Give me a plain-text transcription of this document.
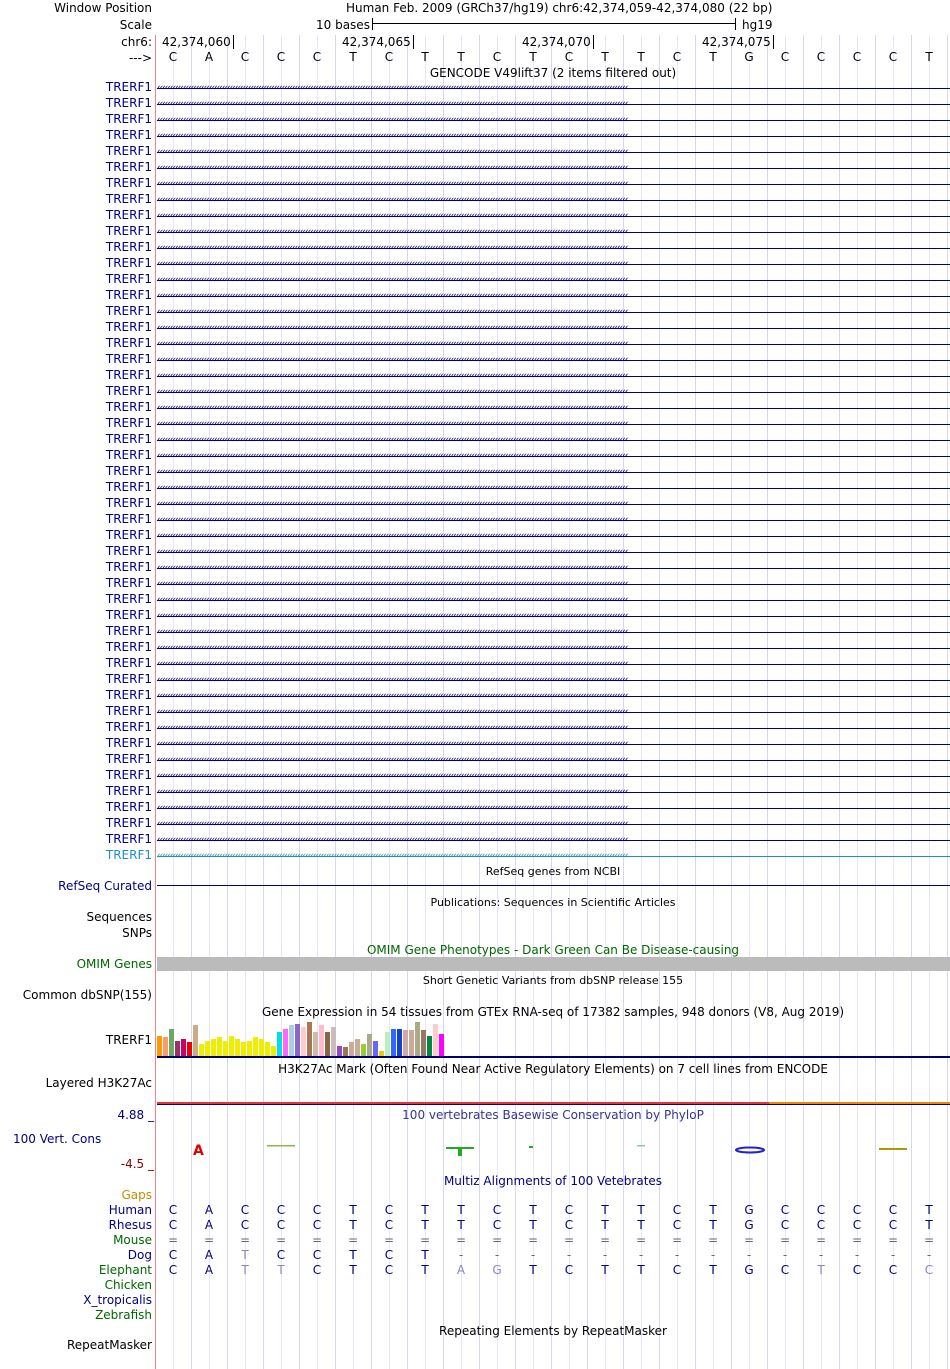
Window Position	Human Feb. 2009 (GRCh37/hg19) chr6:42,374,059-42,374,080 (22 bp)
Scale	10 bases	hg19
chr6: 42,374,060	42,374,065	42,374,070	42,374,075
---> C A C C C T C T T C T C T T C T G C C C C T
GENCODE V49lift37 (2 items filtered out)
TRERF1 ‹‹‹‹‹‹‹‹‹‹‹‹‹‹‹‹‹‹‹‹‹‹‹‹‹‹‹‹‹‹‹‹‹‹‹‹‹‹‹‹‹‹‹‹‹‹‹‹‹‹‹‹‹‹‹‹‹‹‹‹‹‹‹‹‹‹‹‹‹‹‹‹‹‹‹‹‹‹‹‹‹‹‹‹‹‹‹‹‹‹‹‹‹‹‹‹‹‹‹‹‹‹‹‹‹‹‹‹‹‹‹‹‹‹‹‹‹‹‹‹‹‹‹‹‹‹‹‹‹‹‹‹‹‹‹‹‹‹‹‹‹‹‹‹‹‹‹‹‹‹‹‹‹‹‹‹‹‹‹‹‹‹‹‹‹‹‹‹‹‹‹‹‹‹‹‹‹‹‹‹‹
TRERF1 ‹‹‹‹‹‹‹‹‹‹‹‹‹‹‹‹‹‹‹‹‹‹‹‹‹‹‹‹‹‹‹‹‹‹‹‹‹‹‹‹‹‹‹‹‹‹‹‹‹‹‹‹‹‹‹‹‹‹‹‹‹‹‹‹‹‹‹‹‹‹‹‹‹‹‹‹‹‹‹‹‹‹‹‹‹‹‹‹‹‹‹‹‹‹‹‹‹‹‹‹‹‹‹‹‹‹‹‹‹‹‹‹‹‹‹‹‹‹‹‹‹‹‹‹‹‹‹‹‹‹‹‹‹‹‹‹‹‹‹‹‹‹‹‹‹‹‹‹‹‹‹‹‹‹‹‹‹‹‹‹‹‹‹‹‹‹‹‹‹‹‹‹‹‹‹‹‹‹‹‹‹
TRERF1 ‹‹‹‹‹‹‹‹‹‹‹‹‹‹‹‹‹‹‹‹‹‹‹‹‹‹‹‹‹‹‹‹‹‹‹‹‹‹‹‹‹‹‹‹‹‹‹‹‹‹‹‹‹‹‹‹‹‹‹‹‹‹‹‹‹‹‹‹‹‹‹‹‹‹‹‹‹‹‹‹‹‹‹‹‹‹‹‹‹‹‹‹‹‹‹‹‹‹‹‹‹‹‹‹‹‹‹‹‹‹‹‹‹‹‹‹‹‹‹‹‹‹‹‹‹‹‹‹‹‹‹‹‹‹‹‹‹‹‹‹‹‹‹‹‹‹‹‹‹‹‹‹‹‹‹‹‹‹‹‹‹‹‹‹‹‹‹‹‹‹‹‹‹‹‹‹‹‹‹‹‹
TRERF1 ‹‹‹‹‹‹‹‹‹‹‹‹‹‹‹‹‹‹‹‹‹‹‹‹‹‹‹‹‹‹‹‹‹‹‹‹‹‹‹‹‹‹‹‹‹‹‹‹‹‹‹‹‹‹‹‹‹‹‹‹‹‹‹‹‹‹‹‹‹‹‹‹‹‹‹‹‹‹‹‹‹‹‹‹‹‹‹‹‹‹‹‹‹‹‹‹‹‹‹‹‹‹‹‹‹‹‹‹‹‹‹‹‹‹‹‹‹‹‹‹‹‹‹‹‹‹‹‹‹‹‹‹‹‹‹‹‹‹‹‹‹‹‹‹‹‹‹‹‹‹‹‹‹‹‹‹‹‹‹‹‹‹‹‹‹‹‹‹‹‹‹‹‹‹‹‹‹‹‹‹‹
TRERF1 ‹‹‹‹‹‹‹‹‹‹‹‹‹‹‹‹‹‹‹‹‹‹‹‹‹‹‹‹‹‹‹‹‹‹‹‹‹‹‹‹‹‹‹‹‹‹‹‹‹‹‹‹‹‹‹‹‹‹‹‹‹‹‹‹‹‹‹‹‹‹‹‹‹‹‹‹‹‹‹‹‹‹‹‹‹‹‹‹‹‹‹‹‹‹‹‹‹‹‹‹‹‹‹‹‹‹‹‹‹‹‹‹‹‹‹‹‹‹‹‹‹‹‹‹‹‹‹‹‹‹‹‹‹‹‹‹‹‹‹‹‹‹‹‹‹‹‹‹‹‹‹‹‹‹‹‹‹‹‹‹‹‹‹‹‹‹‹‹‹‹‹‹‹‹‹‹‹‹‹‹‹
TRERF1 ‹‹‹‹‹‹‹‹‹‹‹‹‹‹‹‹‹‹‹‹‹‹‹‹‹‹‹‹‹‹‹‹‹‹‹‹‹‹‹‹‹‹‹‹‹‹‹‹‹‹‹‹‹‹‹‹‹‹‹‹‹‹‹‹‹‹‹‹‹‹‹‹‹‹‹‹‹‹‹‹‹‹‹‹‹‹‹‹‹‹‹‹‹‹‹‹‹‹‹‹‹‹‹‹‹‹‹‹‹‹‹‹‹‹‹‹‹‹‹‹‹‹‹‹‹‹‹‹‹‹‹‹‹‹‹‹‹‹‹‹‹‹‹‹‹‹‹‹‹‹‹‹‹‹‹‹‹‹‹‹‹‹‹‹‹‹‹‹‹‹‹‹‹‹‹‹‹‹‹‹‹
TRERF1 ‹‹‹‹‹‹‹‹‹‹‹‹‹‹‹‹‹‹‹‹‹‹‹‹‹‹‹‹‹‹‹‹‹‹‹‹‹‹‹‹‹‹‹‹‹‹‹‹‹‹‹‹‹‹‹‹‹‹‹‹‹‹‹‹‹‹‹‹‹‹‹‹‹‹‹‹‹‹‹‹‹‹‹‹‹‹‹‹‹‹‹‹‹‹‹‹‹‹‹‹‹‹‹‹‹‹‹‹‹‹‹‹‹‹‹‹‹‹‹‹‹‹‹‹‹‹‹‹‹‹‹‹‹‹‹‹‹‹‹‹‹‹‹‹‹‹‹‹‹‹‹‹‹‹‹‹‹‹‹‹‹‹‹‹‹‹‹‹‹‹‹‹‹‹‹‹‹‹‹‹‹
TRERF1 ‹‹‹‹‹‹‹‹‹‹‹‹‹‹‹‹‹‹‹‹‹‹‹‹‹‹‹‹‹‹‹‹‹‹‹‹‹‹‹‹‹‹‹‹‹‹‹‹‹‹‹‹‹‹‹‹‹‹‹‹‹‹‹‹‹‹‹‹‹‹‹‹‹‹‹‹‹‹‹‹‹‹‹‹‹‹‹‹‹‹‹‹‹‹‹‹‹‹‹‹‹‹‹‹‹‹‹‹‹‹‹‹‹‹‹‹‹‹‹‹‹‹‹‹‹‹‹‹‹‹‹‹‹‹‹‹‹‹‹‹‹‹‹‹‹‹‹‹‹‹‹‹‹‹‹‹‹‹‹‹‹‹‹‹‹‹‹‹‹‹‹‹‹‹‹‹‹‹‹‹‹
TRERF1 ‹‹‹‹‹‹‹‹‹‹‹‹‹‹‹‹‹‹‹‹‹‹‹‹‹‹‹‹‹‹‹‹‹‹‹‹‹‹‹‹‹‹‹‹‹‹‹‹‹‹‹‹‹‹‹‹‹‹‹‹‹‹‹‹‹‹‹‹‹‹‹‹‹‹‹‹‹‹‹‹‹‹‹‹‹‹‹‹‹‹‹‹‹‹‹‹‹‹‹‹‹‹‹‹‹‹‹‹‹‹‹‹‹‹‹‹‹‹‹‹‹‹‹‹‹‹‹‹‹‹‹‹‹‹‹‹‹‹‹‹‹‹‹‹‹‹‹‹‹‹‹‹‹‹‹‹‹‹‹‹‹‹‹‹‹‹‹‹‹‹‹‹‹‹‹‹‹‹‹‹‹
TRERF1 ‹‹‹‹‹‹‹‹‹‹‹‹‹‹‹‹‹‹‹‹‹‹‹‹‹‹‹‹‹‹‹‹‹‹‹‹‹‹‹‹‹‹‹‹‹‹‹‹‹‹‹‹‹‹‹‹‹‹‹‹‹‹‹‹‹‹‹‹‹‹‹‹‹‹‹‹‹‹‹‹‹‹‹‹‹‹‹‹‹‹‹‹‹‹‹‹‹‹‹‹‹‹‹‹‹‹‹‹‹‹‹‹‹‹‹‹‹‹‹‹‹‹‹‹‹‹‹‹‹‹‹‹‹‹‹‹‹‹‹‹‹‹‹‹‹‹‹‹‹‹‹‹‹‹‹‹‹‹‹‹‹‹‹‹‹‹‹‹‹‹‹‹‹‹‹‹‹‹‹‹‹
TRERF1 ‹‹‹‹‹‹‹‹‹‹‹‹‹‹‹‹‹‹‹‹‹‹‹‹‹‹‹‹‹‹‹‹‹‹‹‹‹‹‹‹‹‹‹‹‹‹‹‹‹‹‹‹‹‹‹‹‹‹‹‹‹‹‹‹‹‹‹‹‹‹‹‹‹‹‹‹‹‹‹‹‹‹‹‹‹‹‹‹‹‹‹‹‹‹‹‹‹‹‹‹‹‹‹‹‹‹‹‹‹‹‹‹‹‹‹‹‹‹‹‹‹‹‹‹‹‹‹‹‹‹‹‹‹‹‹‹‹‹‹‹‹‹‹‹‹‹‹‹‹‹‹‹‹‹‹‹‹‹‹‹‹‹‹‹‹‹‹‹‹‹‹‹‹‹‹‹‹‹‹‹‹
TRERF1 ‹‹‹‹‹‹‹‹‹‹‹‹‹‹‹‹‹‹‹‹‹‹‹‹‹‹‹‹‹‹‹‹‹‹‹‹‹‹‹‹‹‹‹‹‹‹‹‹‹‹‹‹‹‹‹‹‹‹‹‹‹‹‹‹‹‹‹‹‹‹‹‹‹‹‹‹‹‹‹‹‹‹‹‹‹‹‹‹‹‹‹‹‹‹‹‹‹‹‹‹‹‹‹‹‹‹‹‹‹‹‹‹‹‹‹‹‹‹‹‹‹‹‹‹‹‹‹‹‹‹‹‹‹‹‹‹‹‹‹‹‹‹‹‹‹‹‹‹‹‹‹‹‹‹‹‹‹‹‹‹‹‹‹‹‹‹‹‹‹‹‹‹‹‹‹‹‹‹‹‹‹
TRERF1 ‹‹‹‹‹‹‹‹‹‹‹‹‹‹‹‹‹‹‹‹‹‹‹‹‹‹‹‹‹‹‹‹‹‹‹‹‹‹‹‹‹‹‹‹‹‹‹‹‹‹‹‹‹‹‹‹‹‹‹‹‹‹‹‹‹‹‹‹‹‹‹‹‹‹‹‹‹‹‹‹‹‹‹‹‹‹‹‹‹‹‹‹‹‹‹‹‹‹‹‹‹‹‹‹‹‹‹‹‹‹‹‹‹‹‹‹‹‹‹‹‹‹‹‹‹‹‹‹‹‹‹‹‹‹‹‹‹‹‹‹‹‹‹‹‹‹‹‹‹‹‹‹‹‹‹‹‹‹‹‹‹‹‹‹‹‹‹‹‹‹‹‹‹‹‹‹‹‹‹‹‹
TRERF1 ‹‹‹‹‹‹‹‹‹‹‹‹‹‹‹‹‹‹‹‹‹‹‹‹‹‹‹‹‹‹‹‹‹‹‹‹‹‹‹‹‹‹‹‹‹‹‹‹‹‹‹‹‹‹‹‹‹‹‹‹‹‹‹‹‹‹‹‹‹‹‹‹‹‹‹‹‹‹‹‹‹‹‹‹‹‹‹‹‹‹‹‹‹‹‹‹‹‹‹‹‹‹‹‹‹‹‹‹‹‹‹‹‹‹‹‹‹‹‹‹‹‹‹‹‹‹‹‹‹‹‹‹‹‹‹‹‹‹‹‹‹‹‹‹‹‹‹‹‹‹‹‹‹‹‹‹‹‹‹‹‹‹‹‹‹‹‹‹‹‹‹‹‹‹‹‹‹‹‹‹‹
TRERF1 ‹‹‹‹‹‹‹‹‹‹‹‹‹‹‹‹‹‹‹‹‹‹‹‹‹‹‹‹‹‹‹‹‹‹‹‹‹‹‹‹‹‹‹‹‹‹‹‹‹‹‹‹‹‹‹‹‹‹‹‹‹‹‹‹‹‹‹‹‹‹‹‹‹‹‹‹‹‹‹‹‹‹‹‹‹‹‹‹‹‹‹‹‹‹‹‹‹‹‹‹‹‹‹‹‹‹‹‹‹‹‹‹‹‹‹‹‹‹‹‹‹‹‹‹‹‹‹‹‹‹‹‹‹‹‹‹‹‹‹‹‹‹‹‹‹‹‹‹‹‹‹‹‹‹‹‹‹‹‹‹‹‹‹‹‹‹‹‹‹‹‹‹‹‹‹‹‹‹‹‹‹
TRERF1 ‹‹‹‹‹‹‹‹‹‹‹‹‹‹‹‹‹‹‹‹‹‹‹‹‹‹‹‹‹‹‹‹‹‹‹‹‹‹‹‹‹‹‹‹‹‹‹‹‹‹‹‹‹‹‹‹‹‹‹‹‹‹‹‹‹‹‹‹‹‹‹‹‹‹‹‹‹‹‹‹‹‹‹‹‹‹‹‹‹‹‹‹‹‹‹‹‹‹‹‹‹‹‹‹‹‹‹‹‹‹‹‹‹‹‹‹‹‹‹‹‹‹‹‹‹‹‹‹‹‹‹‹‹‹‹‹‹‹‹‹‹‹‹‹‹‹‹‹‹‹‹‹‹‹‹‹‹‹‹‹‹‹‹‹‹‹‹‹‹‹‹‹‹‹‹‹‹‹‹‹‹
TRERF1 ‹‹‹‹‹‹‹‹‹‹‹‹‹‹‹‹‹‹‹‹‹‹‹‹‹‹‹‹‹‹‹‹‹‹‹‹‹‹‹‹‹‹‹‹‹‹‹‹‹‹‹‹‹‹‹‹‹‹‹‹‹‹‹‹‹‹‹‹‹‹‹‹‹‹‹‹‹‹‹‹‹‹‹‹‹‹‹‹‹‹‹‹‹‹‹‹‹‹‹‹‹‹‹‹‹‹‹‹‹‹‹‹‹‹‹‹‹‹‹‹‹‹‹‹‹‹‹‹‹‹‹‹‹‹‹‹‹‹‹‹‹‹‹‹‹‹‹‹‹‹‹‹‹‹‹‹‹‹‹‹‹‹‹‹‹‹‹‹‹‹‹‹‹‹‹‹‹‹‹‹‹
TRERF1 ‹‹‹‹‹‹‹‹‹‹‹‹‹‹‹‹‹‹‹‹‹‹‹‹‹‹‹‹‹‹‹‹‹‹‹‹‹‹‹‹‹‹‹‹‹‹‹‹‹‹‹‹‹‹‹‹‹‹‹‹‹‹‹‹‹‹‹‹‹‹‹‹‹‹‹‹‹‹‹‹‹‹‹‹‹‹‹‹‹‹‹‹‹‹‹‹‹‹‹‹‹‹‹‹‹‹‹‹‹‹‹‹‹‹‹‹‹‹‹‹‹‹‹‹‹‹‹‹‹‹‹‹‹‹‹‹‹‹‹‹‹‹‹‹‹‹‹‹‹‹‹‹‹‹‹‹‹‹‹‹‹‹‹‹‹‹‹‹‹‹‹‹‹‹‹‹‹‹‹‹‹
TRERF1 ‹‹‹‹‹‹‹‹‹‹‹‹‹‹‹‹‹‹‹‹‹‹‹‹‹‹‹‹‹‹‹‹‹‹‹‹‹‹‹‹‹‹‹‹‹‹‹‹‹‹‹‹‹‹‹‹‹‹‹‹‹‹‹‹‹‹‹‹‹‹‹‹‹‹‹‹‹‹‹‹‹‹‹‹‹‹‹‹‹‹‹‹‹‹‹‹‹‹‹‹‹‹‹‹‹‹‹‹‹‹‹‹‹‹‹‹‹‹‹‹‹‹‹‹‹‹‹‹‹‹‹‹‹‹‹‹‹‹‹‹‹‹‹‹‹‹‹‹‹‹‹‹‹‹‹‹‹‹‹‹‹‹‹‹‹‹‹‹‹‹‹‹‹‹‹‹‹‹‹‹‹
TRERF1 ‹‹‹‹‹‹‹‹‹‹‹‹‹‹‹‹‹‹‹‹‹‹‹‹‹‹‹‹‹‹‹‹‹‹‹‹‹‹‹‹‹‹‹‹‹‹‹‹‹‹‹‹‹‹‹‹‹‹‹‹‹‹‹‹‹‹‹‹‹‹‹‹‹‹‹‹‹‹‹‹‹‹‹‹‹‹‹‹‹‹‹‹‹‹‹‹‹‹‹‹‹‹‹‹‹‹‹‹‹‹‹‹‹‹‹‹‹‹‹‹‹‹‹‹‹‹‹‹‹‹‹‹‹‹‹‹‹‹‹‹‹‹‹‹‹‹‹‹‹‹‹‹‹‹‹‹‹‹‹‹‹‹‹‹‹‹‹‹‹‹‹‹‹‹‹‹‹‹‹‹‹
TRERF1 ‹‹‹‹‹‹‹‹‹‹‹‹‹‹‹‹‹‹‹‹‹‹‹‹‹‹‹‹‹‹‹‹‹‹‹‹‹‹‹‹‹‹‹‹‹‹‹‹‹‹‹‹‹‹‹‹‹‹‹‹‹‹‹‹‹‹‹‹‹‹‹‹‹‹‹‹‹‹‹‹‹‹‹‹‹‹‹‹‹‹‹‹‹‹‹‹‹‹‹‹‹‹‹‹‹‹‹‹‹‹‹‹‹‹‹‹‹‹‹‹‹‹‹‹‹‹‹‹‹‹‹‹‹‹‹‹‹‹‹‹‹‹‹‹‹‹‹‹‹‹‹‹‹‹‹‹‹‹‹‹‹‹‹‹‹‹‹‹‹‹‹‹‹‹‹‹‹‹‹‹‹
TRERF1 ‹‹‹‹‹‹‹‹‹‹‹‹‹‹‹‹‹‹‹‹‹‹‹‹‹‹‹‹‹‹‹‹‹‹‹‹‹‹‹‹‹‹‹‹‹‹‹‹‹‹‹‹‹‹‹‹‹‹‹‹‹‹‹‹‹‹‹‹‹‹‹‹‹‹‹‹‹‹‹‹‹‹‹‹‹‹‹‹‹‹‹‹‹‹‹‹‹‹‹‹‹‹‹‹‹‹‹‹‹‹‹‹‹‹‹‹‹‹‹‹‹‹‹‹‹‹‹‹‹‹‹‹‹‹‹‹‹‹‹‹‹‹‹‹‹‹‹‹‹‹‹‹‹‹‹‹‹‹‹‹‹‹‹‹‹‹‹‹‹‹‹‹‹‹‹‹‹‹‹‹‹
TRERF1 ‹‹‹‹‹‹‹‹‹‹‹‹‹‹‹‹‹‹‹‹‹‹‹‹‹‹‹‹‹‹‹‹‹‹‹‹‹‹‹‹‹‹‹‹‹‹‹‹‹‹‹‹‹‹‹‹‹‹‹‹‹‹‹‹‹‹‹‹‹‹‹‹‹‹‹‹‹‹‹‹‹‹‹‹‹‹‹‹‹‹‹‹‹‹‹‹‹‹‹‹‹‹‹‹‹‹‹‹‹‹‹‹‹‹‹‹‹‹‹‹‹‹‹‹‹‹‹‹‹‹‹‹‹‹‹‹‹‹‹‹‹‹‹‹‹‹‹‹‹‹‹‹‹‹‹‹‹‹‹‹‹‹‹‹‹‹‹‹‹‹‹‹‹‹‹‹‹‹‹‹‹
TRERF1 ‹‹‹‹‹‹‹‹‹‹‹‹‹‹‹‹‹‹‹‹‹‹‹‹‹‹‹‹‹‹‹‹‹‹‹‹‹‹‹‹‹‹‹‹‹‹‹‹‹‹‹‹‹‹‹‹‹‹‹‹‹‹‹‹‹‹‹‹‹‹‹‹‹‹‹‹‹‹‹‹‹‹‹‹‹‹‹‹‹‹‹‹‹‹‹‹‹‹‹‹‹‹‹‹‹‹‹‹‹‹‹‹‹‹‹‹‹‹‹‹‹‹‹‹‹‹‹‹‹‹‹‹‹‹‹‹‹‹‹‹‹‹‹‹‹‹‹‹‹‹‹‹‹‹‹‹‹‹‹‹‹‹‹‹‹‹‹‹‹‹‹‹‹‹‹‹‹‹‹‹‹
TRERF1 ‹‹‹‹‹‹‹‹‹‹‹‹‹‹‹‹‹‹‹‹‹‹‹‹‹‹‹‹‹‹‹‹‹‹‹‹‹‹‹‹‹‹‹‹‹‹‹‹‹‹‹‹‹‹‹‹‹‹‹‹‹‹‹‹‹‹‹‹‹‹‹‹‹‹‹‹‹‹‹‹‹‹‹‹‹‹‹‹‹‹‹‹‹‹‹‹‹‹‹‹‹‹‹‹‹‹‹‹‹‹‹‹‹‹‹‹‹‹‹‹‹‹‹‹‹‹‹‹‹‹‹‹‹‹‹‹‹‹‹‹‹‹‹‹‹‹‹‹‹‹‹‹‹‹‹‹‹‹‹‹‹‹‹‹‹‹‹‹‹‹‹‹‹‹‹‹‹‹‹‹‹
TRERF1 ‹‹‹‹‹‹‹‹‹‹‹‹‹‹‹‹‹‹‹‹‹‹‹‹‹‹‹‹‹‹‹‹‹‹‹‹‹‹‹‹‹‹‹‹‹‹‹‹‹‹‹‹‹‹‹‹‹‹‹‹‹‹‹‹‹‹‹‹‹‹‹‹‹‹‹‹‹‹‹‹‹‹‹‹‹‹‹‹‹‹‹‹‹‹‹‹‹‹‹‹‹‹‹‹‹‹‹‹‹‹‹‹‹‹‹‹‹‹‹‹‹‹‹‹‹‹‹‹‹‹‹‹‹‹‹‹‹‹‹‹‹‹‹‹‹‹‹‹‹‹‹‹‹‹‹‹‹‹‹‹‹‹‹‹‹‹‹‹‹‹‹‹‹‹‹‹‹‹‹‹‹
TRERF1 ‹‹‹‹‹‹‹‹‹‹‹‹‹‹‹‹‹‹‹‹‹‹‹‹‹‹‹‹‹‹‹‹‹‹‹‹‹‹‹‹‹‹‹‹‹‹‹‹‹‹‹‹‹‹‹‹‹‹‹‹‹‹‹‹‹‹‹‹‹‹‹‹‹‹‹‹‹‹‹‹‹‹‹‹‹‹‹‹‹‹‹‹‹‹‹‹‹‹‹‹‹‹‹‹‹‹‹‹‹‹‹‹‹‹‹‹‹‹‹‹‹‹‹‹‹‹‹‹‹‹‹‹‹‹‹‹‹‹‹‹‹‹‹‹‹‹‹‹‹‹‹‹‹‹‹‹‹‹‹‹‹‹‹‹‹‹‹‹‹‹‹‹‹‹‹‹‹‹‹‹‹
TRERF1 ‹‹‹‹‹‹‹‹‹‹‹‹‹‹‹‹‹‹‹‹‹‹‹‹‹‹‹‹‹‹‹‹‹‹‹‹‹‹‹‹‹‹‹‹‹‹‹‹‹‹‹‹‹‹‹‹‹‹‹‹‹‹‹‹‹‹‹‹‹‹‹‹‹‹‹‹‹‹‹‹‹‹‹‹‹‹‹‹‹‹‹‹‹‹‹‹‹‹‹‹‹‹‹‹‹‹‹‹‹‹‹‹‹‹‹‹‹‹‹‹‹‹‹‹‹‹‹‹‹‹‹‹‹‹‹‹‹‹‹‹‹‹‹‹‹‹‹‹‹‹‹‹‹‹‹‹‹‹‹‹‹‹‹‹‹‹‹‹‹‹‹‹‹‹‹‹‹‹‹‹‹
TRERF1 ‹‹‹‹‹‹‹‹‹‹‹‹‹‹‹‹‹‹‹‹‹‹‹‹‹‹‹‹‹‹‹‹‹‹‹‹‹‹‹‹‹‹‹‹‹‹‹‹‹‹‹‹‹‹‹‹‹‹‹‹‹‹‹‹‹‹‹‹‹‹‹‹‹‹‹‹‹‹‹‹‹‹‹‹‹‹‹‹‹‹‹‹‹‹‹‹‹‹‹‹‹‹‹‹‹‹‹‹‹‹‹‹‹‹‹‹‹‹‹‹‹‹‹‹‹‹‹‹‹‹‹‹‹‹‹‹‹‹‹‹‹‹‹‹‹‹‹‹‹‹‹‹‹‹‹‹‹‹‹‹‹‹‹‹‹‹‹‹‹‹‹‹‹‹‹‹‹‹‹‹‹
TRERF1 ‹‹‹‹‹‹‹‹‹‹‹‹‹‹‹‹‹‹‹‹‹‹‹‹‹‹‹‹‹‹‹‹‹‹‹‹‹‹‹‹‹‹‹‹‹‹‹‹‹‹‹‹‹‹‹‹‹‹‹‹‹‹‹‹‹‹‹‹‹‹‹‹‹‹‹‹‹‹‹‹‹‹‹‹‹‹‹‹‹‹‹‹‹‹‹‹‹‹‹‹‹‹‹‹‹‹‹‹‹‹‹‹‹‹‹‹‹‹‹‹‹‹‹‹‹‹‹‹‹‹‹‹‹‹‹‹‹‹‹‹‹‹‹‹‹‹‹‹‹‹‹‹‹‹‹‹‹‹‹‹‹‹‹‹‹‹‹‹‹‹‹‹‹‹‹‹‹‹‹‹‹
TRERF1 ‹‹‹‹‹‹‹‹‹‹‹‹‹‹‹‹‹‹‹‹‹‹‹‹‹‹‹‹‹‹‹‹‹‹‹‹‹‹‹‹‹‹‹‹‹‹‹‹‹‹‹‹‹‹‹‹‹‹‹‹‹‹‹‹‹‹‹‹‹‹‹‹‹‹‹‹‹‹‹‹‹‹‹‹‹‹‹‹‹‹‹‹‹‹‹‹‹‹‹‹‹‹‹‹‹‹‹‹‹‹‹‹‹‹‹‹‹‹‹‹‹‹‹‹‹‹‹‹‹‹‹‹‹‹‹‹‹‹‹‹‹‹‹‹‹‹‹‹‹‹‹‹‹‹‹‹‹‹‹‹‹‹‹‹‹‹‹‹‹‹‹‹‹‹‹‹‹‹‹‹‹
TRERF1 ‹‹‹‹‹‹‹‹‹‹‹‹‹‹‹‹‹‹‹‹‹‹‹‹‹‹‹‹‹‹‹‹‹‹‹‹‹‹‹‹‹‹‹‹‹‹‹‹‹‹‹‹‹‹‹‹‹‹‹‹‹‹‹‹‹‹‹‹‹‹‹‹‹‹‹‹‹‹‹‹‹‹‹‹‹‹‹‹‹‹‹‹‹‹‹‹‹‹‹‹‹‹‹‹‹‹‹‹‹‹‹‹‹‹‹‹‹‹‹‹‹‹‹‹‹‹‹‹‹‹‹‹‹‹‹‹‹‹‹‹‹‹‹‹‹‹‹‹‹‹‹‹‹‹‹‹‹‹‹‹‹‹‹‹‹‹‹‹‹‹‹‹‹‹‹‹‹‹‹‹‹
TRERF1 ‹‹‹‹‹‹‹‹‹‹‹‹‹‹‹‹‹‹‹‹‹‹‹‹‹‹‹‹‹‹‹‹‹‹‹‹‹‹‹‹‹‹‹‹‹‹‹‹‹‹‹‹‹‹‹‹‹‹‹‹‹‹‹‹‹‹‹‹‹‹‹‹‹‹‹‹‹‹‹‹‹‹‹‹‹‹‹‹‹‹‹‹‹‹‹‹‹‹‹‹‹‹‹‹‹‹‹‹‹‹‹‹‹‹‹‹‹‹‹‹‹‹‹‹‹‹‹‹‹‹‹‹‹‹‹‹‹‹‹‹‹‹‹‹‹‹‹‹‹‹‹‹‹‹‹‹‹‹‹‹‹‹‹‹‹‹‹‹‹‹‹‹‹‹‹‹‹‹‹‹‹
TRERF1 ‹‹‹‹‹‹‹‹‹‹‹‹‹‹‹‹‹‹‹‹‹‹‹‹‹‹‹‹‹‹‹‹‹‹‹‹‹‹‹‹‹‹‹‹‹‹‹‹‹‹‹‹‹‹‹‹‹‹‹‹‹‹‹‹‹‹‹‹‹‹‹‹‹‹‹‹‹‹‹‹‹‹‹‹‹‹‹‹‹‹‹‹‹‹‹‹‹‹‹‹‹‹‹‹‹‹‹‹‹‹‹‹‹‹‹‹‹‹‹‹‹‹‹‹‹‹‹‹‹‹‹‹‹‹‹‹‹‹‹‹‹‹‹‹‹‹‹‹‹‹‹‹‹‹‹‹‹‹‹‹‹‹‹‹‹‹‹‹‹‹‹‹‹‹‹‹‹‹‹‹‹
TRERF1 ‹‹‹‹‹‹‹‹‹‹‹‹‹‹‹‹‹‹‹‹‹‹‹‹‹‹‹‹‹‹‹‹‹‹‹‹‹‹‹‹‹‹‹‹‹‹‹‹‹‹‹‹‹‹‹‹‹‹‹‹‹‹‹‹‹‹‹‹‹‹‹‹‹‹‹‹‹‹‹‹‹‹‹‹‹‹‹‹‹‹‹‹‹‹‹‹‹‹‹‹‹‹‹‹‹‹‹‹‹‹‹‹‹‹‹‹‹‹‹‹‹‹‹‹‹‹‹‹‹‹‹‹‹‹‹‹‹‹‹‹‹‹‹‹‹‹‹‹‹‹‹‹‹‹‹‹‹‹‹‹‹‹‹‹‹‹‹‹‹‹‹‹‹‹‹‹‹‹‹‹‹
TRERF1 ‹‹‹‹‹‹‹‹‹‹‹‹‹‹‹‹‹‹‹‹‹‹‹‹‹‹‹‹‹‹‹‹‹‹‹‹‹‹‹‹‹‹‹‹‹‹‹‹‹‹‹‹‹‹‹‹‹‹‹‹‹‹‹‹‹‹‹‹‹‹‹‹‹‹‹‹‹‹‹‹‹‹‹‹‹‹‹‹‹‹‹‹‹‹‹‹‹‹‹‹‹‹‹‹‹‹‹‹‹‹‹‹‹‹‹‹‹‹‹‹‹‹‹‹‹‹‹‹‹‹‹‹‹‹‹‹‹‹‹‹‹‹‹‹‹‹‹‹‹‹‹‹‹‹‹‹‹‹‹‹‹‹‹‹‹‹‹‹‹‹‹‹‹‹‹‹‹‹‹‹‹
TRERF1 ‹‹‹‹‹‹‹‹‹‹‹‹‹‹‹‹‹‹‹‹‹‹‹‹‹‹‹‹‹‹‹‹‹‹‹‹‹‹‹‹‹‹‹‹‹‹‹‹‹‹‹‹‹‹‹‹‹‹‹‹‹‹‹‹‹‹‹‹‹‹‹‹‹‹‹‹‹‹‹‹‹‹‹‹‹‹‹‹‹‹‹‹‹‹‹‹‹‹‹‹‹‹‹‹‹‹‹‹‹‹‹‹‹‹‹‹‹‹‹‹‹‹‹‹‹‹‹‹‹‹‹‹‹‹‹‹‹‹‹‹‹‹‹‹‹‹‹‹‹‹‹‹‹‹‹‹‹‹‹‹‹‹‹‹‹‹‹‹‹‹‹‹‹‹‹‹‹‹‹‹‹
TRERF1 ‹‹‹‹‹‹‹‹‹‹‹‹‹‹‹‹‹‹‹‹‹‹‹‹‹‹‹‹‹‹‹‹‹‹‹‹‹‹‹‹‹‹‹‹‹‹‹‹‹‹‹‹‹‹‹‹‹‹‹‹‹‹‹‹‹‹‹‹‹‹‹‹‹‹‹‹‹‹‹‹‹‹‹‹‹‹‹‹‹‹‹‹‹‹‹‹‹‹‹‹‹‹‹‹‹‹‹‹‹‹‹‹‹‹‹‹‹‹‹‹‹‹‹‹‹‹‹‹‹‹‹‹‹‹‹‹‹‹‹‹‹‹‹‹‹‹‹‹‹‹‹‹‹‹‹‹‹‹‹‹‹‹‹‹‹‹‹‹‹‹‹‹‹‹‹‹‹‹‹‹‹
TRERF1 ‹‹‹‹‹‹‹‹‹‹‹‹‹‹‹‹‹‹‹‹‹‹‹‹‹‹‹‹‹‹‹‹‹‹‹‹‹‹‹‹‹‹‹‹‹‹‹‹‹‹‹‹‹‹‹‹‹‹‹‹‹‹‹‹‹‹‹‹‹‹‹‹‹‹‹‹‹‹‹‹‹‹‹‹‹‹‹‹‹‹‹‹‹‹‹‹‹‹‹‹‹‹‹‹‹‹‹‹‹‹‹‹‹‹‹‹‹‹‹‹‹‹‹‹‹‹‹‹‹‹‹‹‹‹‹‹‹‹‹‹‹‹‹‹‹‹‹‹‹‹‹‹‹‹‹‹‹‹‹‹‹‹‹‹‹‹‹‹‹‹‹‹‹‹‹‹‹‹‹‹‹
TRERF1 ‹‹‹‹‹‹‹‹‹‹‹‹‹‹‹‹‹‹‹‹‹‹‹‹‹‹‹‹‹‹‹‹‹‹‹‹‹‹‹‹‹‹‹‹‹‹‹‹‹‹‹‹‹‹‹‹‹‹‹‹‹‹‹‹‹‹‹‹‹‹‹‹‹‹‹‹‹‹‹‹‹‹‹‹‹‹‹‹‹‹‹‹‹‹‹‹‹‹‹‹‹‹‹‹‹‹‹‹‹‹‹‹‹‹‹‹‹‹‹‹‹‹‹‹‹‹‹‹‹‹‹‹‹‹‹‹‹‹‹‹‹‹‹‹‹‹‹‹‹‹‹‹‹‹‹‹‹‹‹‹‹‹‹‹‹‹‹‹‹‹‹‹‹‹‹‹‹‹‹‹‹
TRERF1 ‹‹‹‹‹‹‹‹‹‹‹‹‹‹‹‹‹‹‹‹‹‹‹‹‹‹‹‹‹‹‹‹‹‹‹‹‹‹‹‹‹‹‹‹‹‹‹‹‹‹‹‹‹‹‹‹‹‹‹‹‹‹‹‹‹‹‹‹‹‹‹‹‹‹‹‹‹‹‹‹‹‹‹‹‹‹‹‹‹‹‹‹‹‹‹‹‹‹‹‹‹‹‹‹‹‹‹‹‹‹‹‹‹‹‹‹‹‹‹‹‹‹‹‹‹‹‹‹‹‹‹‹‹‹‹‹‹‹‹‹‹‹‹‹‹‹‹‹‹‹‹‹‹‹‹‹‹‹‹‹‹‹‹‹‹‹‹‹‹‹‹‹‹‹‹‹‹‹‹‹‹
TRERF1 ‹‹‹‹‹‹‹‹‹‹‹‹‹‹‹‹‹‹‹‹‹‹‹‹‹‹‹‹‹‹‹‹‹‹‹‹‹‹‹‹‹‹‹‹‹‹‹‹‹‹‹‹‹‹‹‹‹‹‹‹‹‹‹‹‹‹‹‹‹‹‹‹‹‹‹‹‹‹‹‹‹‹‹‹‹‹‹‹‹‹‹‹‹‹‹‹‹‹‹‹‹‹‹‹‹‹‹‹‹‹‹‹‹‹‹‹‹‹‹‹‹‹‹‹‹‹‹‹‹‹‹‹‹‹‹‹‹‹‹‹‹‹‹‹‹‹‹‹‹‹‹‹‹‹‹‹‹‹‹‹‹‹‹‹‹‹‹‹‹‹‹‹‹‹‹‹‹‹‹‹‹
TRERF1 ‹‹‹‹‹‹‹‹‹‹‹‹‹‹‹‹‹‹‹‹‹‹‹‹‹‹‹‹‹‹‹‹‹‹‹‹‹‹‹‹‹‹‹‹‹‹‹‹‹‹‹‹‹‹‹‹‹‹‹‹‹‹‹‹‹‹‹‹‹‹‹‹‹‹‹‹‹‹‹‹‹‹‹‹‹‹‹‹‹‹‹‹‹‹‹‹‹‹‹‹‹‹‹‹‹‹‹‹‹‹‹‹‹‹‹‹‹‹‹‹‹‹‹‹‹‹‹‹‹‹‹‹‹‹‹‹‹‹‹‹‹‹‹‹‹‹‹‹‹‹‹‹‹‹‹‹‹‹‹‹‹‹‹‹‹‹‹‹‹‹‹‹‹‹‹‹‹‹‹‹‹
TRERF1 ‹‹‹‹‹‹‹‹‹‹‹‹‹‹‹‹‹‹‹‹‹‹‹‹‹‹‹‹‹‹‹‹‹‹‹‹‹‹‹‹‹‹‹‹‹‹‹‹‹‹‹‹‹‹‹‹‹‹‹‹‹‹‹‹‹‹‹‹‹‹‹‹‹‹‹‹‹‹‹‹‹‹‹‹‹‹‹‹‹‹‹‹‹‹‹‹‹‹‹‹‹‹‹‹‹‹‹‹‹‹‹‹‹‹‹‹‹‹‹‹‹‹‹‹‹‹‹‹‹‹‹‹‹‹‹‹‹‹‹‹‹‹‹‹‹‹‹‹‹‹‹‹‹‹‹‹‹‹‹‹‹‹‹‹‹‹‹‹‹‹‹‹‹‹‹‹‹‹‹‹‹
TRERF1 ‹‹‹‹‹‹‹‹‹‹‹‹‹‹‹‹‹‹‹‹‹‹‹‹‹‹‹‹‹‹‹‹‹‹‹‹‹‹‹‹‹‹‹‹‹‹‹‹‹‹‹‹‹‹‹‹‹‹‹‹‹‹‹‹‹‹‹‹‹‹‹‹‹‹‹‹‹‹‹‹‹‹‹‹‹‹‹‹‹‹‹‹‹‹‹‹‹‹‹‹‹‹‹‹‹‹‹‹‹‹‹‹‹‹‹‹‹‹‹‹‹‹‹‹‹‹‹‹‹‹‹‹‹‹‹‹‹‹‹‹‹‹‹‹‹‹‹‹‹‹‹‹‹‹‹‹‹‹‹‹‹‹‹‹‹‹‹‹‹‹‹‹‹‹‹‹‹‹‹‹‹
TRERF1 ‹‹‹‹‹‹‹‹‹‹‹‹‹‹‹‹‹‹‹‹‹‹‹‹‹‹‹‹‹‹‹‹‹‹‹‹‹‹‹‹‹‹‹‹‹‹‹‹‹‹‹‹‹‹‹‹‹‹‹‹‹‹‹‹‹‹‹‹‹‹‹‹‹‹‹‹‹‹‹‹‹‹‹‹‹‹‹‹‹‹‹‹‹‹‹‹‹‹‹‹‹‹‹‹‹‹‹‹‹‹‹‹‹‹‹‹‹‹‹‹‹‹‹‹‹‹‹‹‹‹‹‹‹‹‹‹‹‹‹‹‹‹‹‹‹‹‹‹‹‹‹‹‹‹‹‹‹‹‹‹‹‹‹‹‹‹‹‹‹‹‹‹‹‹‹‹‹‹‹‹‹
TRERF1 ‹‹‹‹‹‹‹‹‹‹‹‹‹‹‹‹‹‹‹‹‹‹‹‹‹‹‹‹‹‹‹‹‹‹‹‹‹‹‹‹‹‹‹‹‹‹‹‹‹‹‹‹‹‹‹‹‹‹‹‹‹‹‹‹‹‹‹‹‹‹‹‹‹‹‹‹‹‹‹‹‹‹‹‹‹‹‹‹‹‹‹‹‹‹‹‹‹‹‹‹‹‹‹‹‹‹‹‹‹‹‹‹‹‹‹‹‹‹‹‹‹‹‹‹‹‹‹‹‹‹‹‹‹‹‹‹‹‹‹‹‹‹‹‹‹‹‹‹‹‹‹‹‹‹‹‹‹‹‹‹‹‹‹‹‹‹‹‹‹‹‹‹‹‹‹‹‹‹‹‹‹
TRERF1 ‹‹‹‹‹‹‹‹‹‹‹‹‹‹‹‹‹‹‹‹‹‹‹‹‹‹‹‹‹‹‹‹‹‹‹‹‹‹‹‹‹‹‹‹‹‹‹‹‹‹‹‹‹‹‹‹‹‹‹‹‹‹‹‹‹‹‹‹‹‹‹‹‹‹‹‹‹‹‹‹‹‹‹‹‹‹‹‹‹‹‹‹‹‹‹‹‹‹‹‹‹‹‹‹‹‹‹‹‹‹‹‹‹‹‹‹‹‹‹‹‹‹‹‹‹‹‹‹‹‹‹‹‹‹‹‹‹‹‹‹‹‹‹‹‹‹‹‹‹‹‹‹‹‹‹‹‹‹‹‹‹‹‹‹‹‹‹‹‹‹‹‹‹‹‹‹‹‹‹‹‹
TRERF1 ‹‹‹‹‹‹‹‹‹‹‹‹‹‹‹‹‹‹‹‹‹‹‹‹‹‹‹‹‹‹‹‹‹‹‹‹‹‹‹‹‹‹‹‹‹‹‹‹‹‹‹‹‹‹‹‹‹‹‹‹‹‹‹‹‹‹‹‹‹‹‹‹‹‹‹‹‹‹‹‹‹‹‹‹‹‹‹‹‹‹‹‹‹‹‹‹‹‹‹‹‹‹‹‹‹‹‹‹‹‹‹‹‹‹‹‹‹‹‹‹‹‹‹‹‹‹‹‹‹‹‹‹‹‹‹‹‹‹‹‹‹‹‹‹‹‹‹‹‹‹‹‹‹‹‹‹‹‹‹‹‹‹‹‹‹‹‹‹‹‹‹‹‹‹‹‹‹‹‹‹‹
RefSeq genes from NCBI
RefSeq Curated
Publications: Sequences in Scientific Articles
Sequences
SNPs
OMIM Gene Phenotypes - Dark Green Can Be Disease-causing
OMIM Genes
Short Genetic Variants from dbSNP release 155
Common dbSNP(155)
Gene Expression in 54 tissues from GTEx RNA-seq of 17382 samples, 948 donors (V8, Aug 2019)
TRERF1
H3K27Ac Mark (Often Found Near Active Regulatory Elements) on 7 cell lines from ENCODE
Layered H3K27Ac
4.88 _	100 vertebrates Basewise Conservation by PhyloP
100 Vert. Cons
-4.5 _
A
Multiz Alignments of 100 Vetebrates
Gaps
Human C A C C C T C T T C T C T T C T G C C C C T
Rhesus C A C C C T C T T C T C T T C T G C C C C T
Mouse = = = = = = = = = = = = = = = = = = = = = =
Dog C A T C C T C T	-	-	-	-	-	-	-	-	-	-	-	-	-	-
Elephant C A T T C T C T A G T C T T C T G C T C C C
Chicken
X_tropicalis
Zebrafish
Repeating Elements by RepeatMasker
RepeatMasker
